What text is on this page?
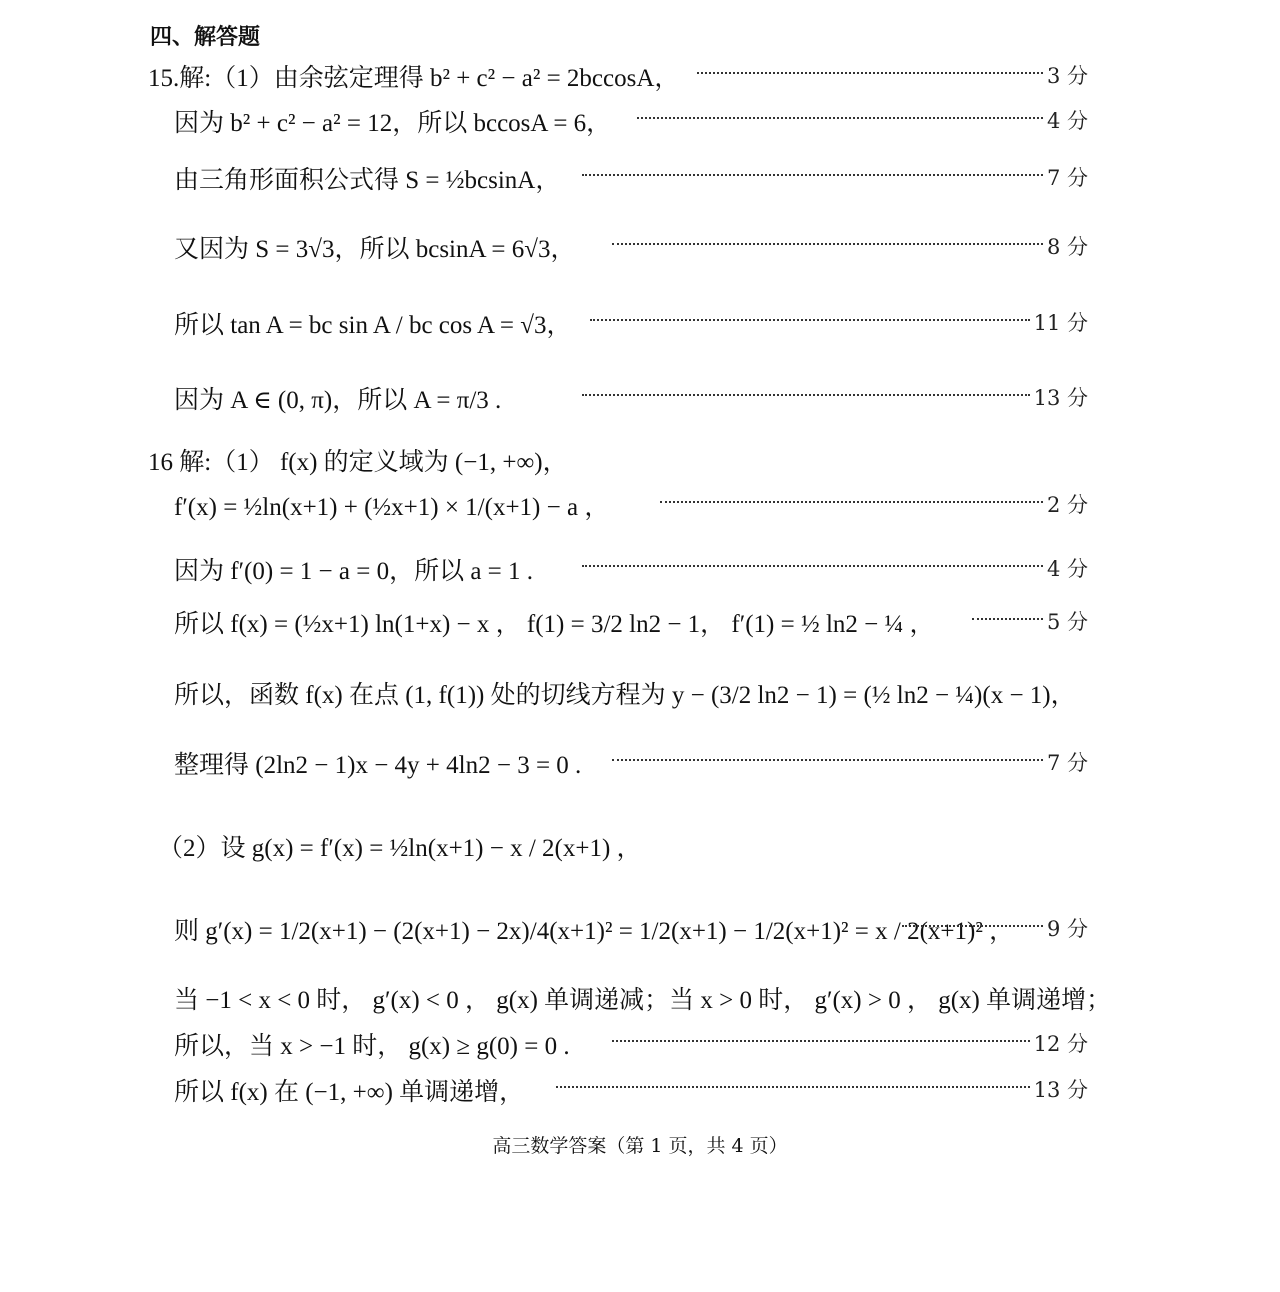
四、解答题
15.解:（1）由余弦定理得 b² + c² − a² = 2bccosA，	3 分
因为 b² + c² − a² = 12，所以 bccosA = 6，	4 分
由三角形面积公式得 S = ½bcsinA，	7 分
又因为 S = 3√3，所以 bcsinA = 6√3，	8 分
所以 tan A = bc sin A / bc cos A = √3，	11 分
因为 A ∈ (0, π)，所以 A = π/3 .	13 分
16 解:（1） f(x) 的定义域为 (−1, +∞)，
f′(x) = ½ln(x+1) + (½x+1) × 1/(x+1) − a ，	2 分
因为 f′(0) = 1 − a = 0，所以 a = 1 .	4 分
所以 f(x) = (½x+1) ln(1+x) − x ， f(1) = 3/2 ln2 − 1， f′(1) = ½ ln2 − ¼ ，	5 分
所以，函数 f(x) 在点 (1, f(1)) 处的切线方程为 y − (3/2 ln2 − 1) = (½ ln2 − ¼)(x − 1)，
整理得 (2ln2 − 1)x − 4y + 4ln2 − 3 = 0 .	7 分
（2）设 g(x) = f′(x) = ½ln(x+1) − x / 2(x+1) ，
则 g′(x) = 1/2(x+1) − (2(x+1) − 2x)/4(x+1)² = 1/2(x+1) − 1/2(x+1)² = x / 2(x+1)² ， 9 分
当 −1 < x < 0 时， g′(x) < 0 ， g(x) 单调递减；当 x > 0 时， g′(x) > 0 ， g(x) 单调递增；
所以，当 x > −1 时， g(x) ≥ g(0) = 0 .	12 分
所以 f(x) 在 (−1, +∞) 单调递增，	13 分
高三数学答案（第 1 页，共 4 页）
